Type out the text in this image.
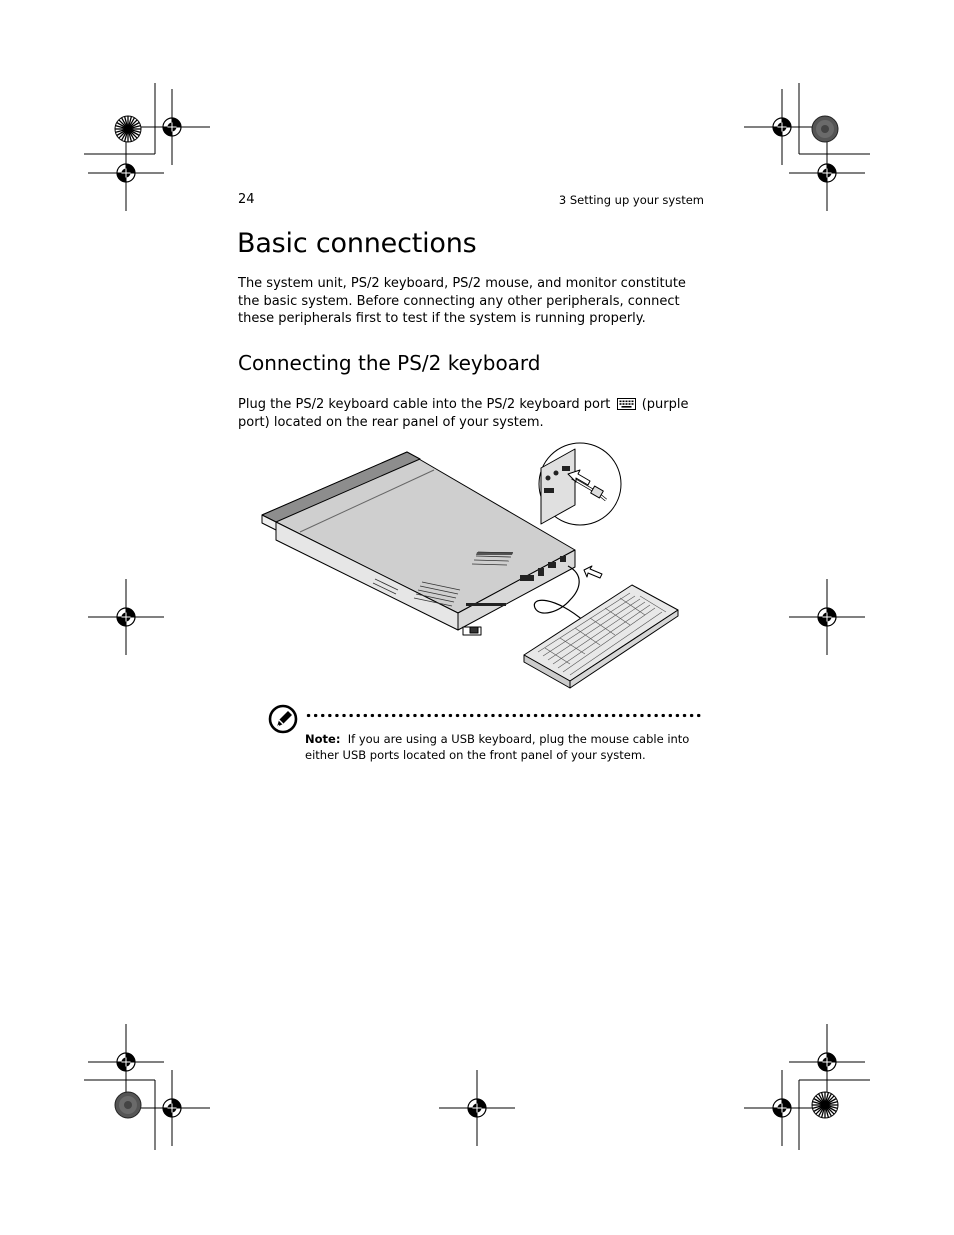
24	3 Setting up your system
Basic connections

The system unit, PS/2 keyboard, PS/2 mouse, and monitor constitute the basic system. Before connecting any other peripherals, connect these peripherals first to test if the system is running properly.

Connecting the PS/2 keyboard

Plug the PS/2 keyboard cable into the PS/2 keyboard port (purple port) located on the rear panel of your system.

Note: If you are using a USB keyboard, plug the mouse cable into either USB ports located on the front panel of your system.
